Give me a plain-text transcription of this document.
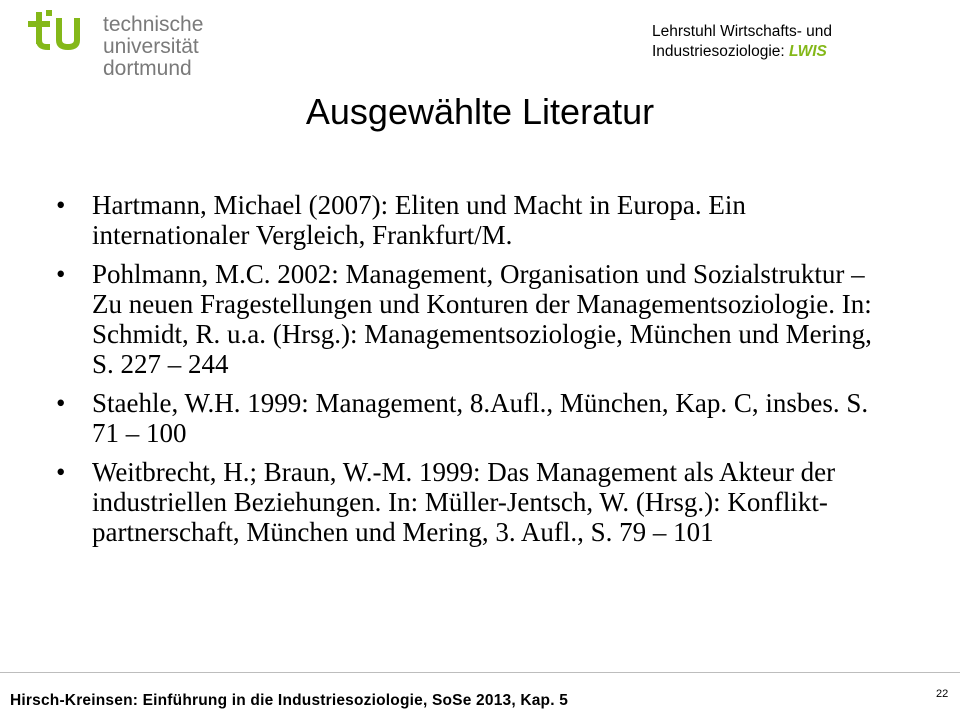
technische universität
dortmund
Lehrstuhl Wirtschafts- und
Industriesoziologie: LWIS
Ausgewählte Literatur
• Hartmann, Michael (2007): Eliten und Macht in Europa. Ein internationaler Vergleich, Frankfurt/M.
• Pohlmann, M.C. 2002: Management, Organisation und Sozialstruktur – Zu neuen Fragestellungen und Konturen der Managementsoziologie. In: Schmidt, R. u.a. (Hrsg.): Managementsoziologie, München und Mering, S. 227 – 244
• Staehle, W.H. 1999: Management, 8.Aufl., München, Kap. C, insbes. S. 71 – 100
• Weitbrecht, H.; Braun, W.-M. 1999: Das Management als Akteur der industriellen Beziehungen. In: Müller-Jentsch, W. (Hrsg.): Konflikt-partnerschaft, München und Mering, 3. Aufl., S. 79 – 101
Hirsch-Kreinsen: Einführung in die Industriesoziologie, SoSe 2013, Kap. 5	22
